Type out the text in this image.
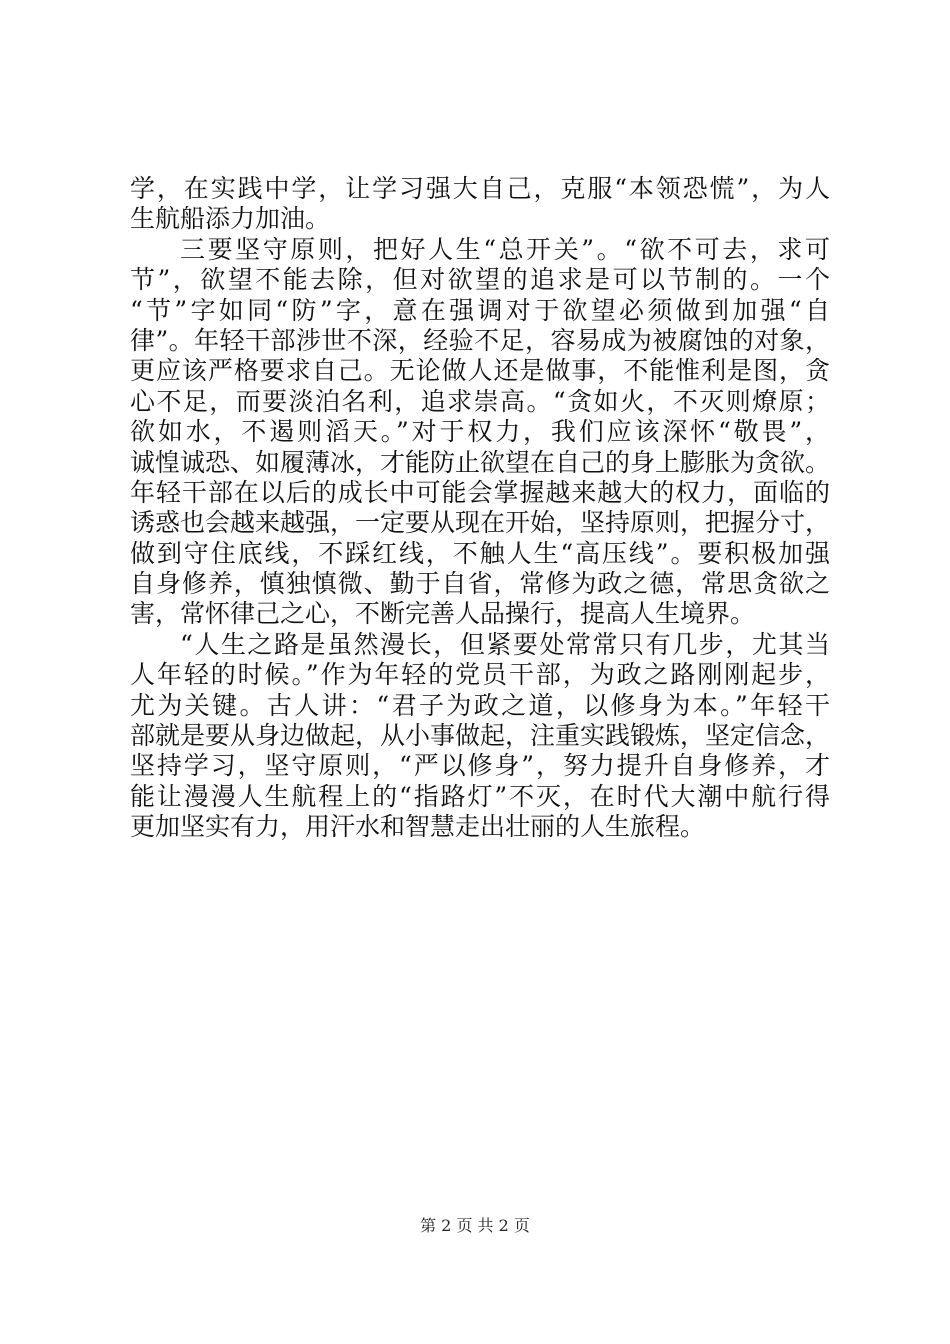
学，在实践中学，让学习强大自己，克服“本领恐慌”，为人
生航船添力加油。
三要坚守原则，把好人生“总开关”。“欲不可去，求可
节”，欲望不能去除，但对欲望的追求是可以节制的。一个
“节”字如同“防”字，意在强调对于欲望必须做到加强“自
律”。年轻干部涉世不深，经验不足，容易成为被腐蚀的对象，
更应该严格要求自己。无论做人还是做事，不能惟利是图，贪
心不足，而要淡泊名利，追求崇高。“贪如火，不灭则燎原；
欲如水，不遏则滔天。”对于权力，我们应该深怀“敬畏”，
诚惶诚恐、如履薄冰，才能防止欲望在自己的身上膨胀为贪欲。
年轻干部在以后的成长中可能会掌握越来越大的权力，面临的
诱惑也会越来越强，一定要从现在开始，坚持原则，把握分寸，
做到守住底线，不踩红线，不触人生“高压线”。要积极加强
自身修养，慎独慎微、勤于自省，常修为政之德，常思贪欲之
害，常怀律己之心，不断完善人品操行，提高人生境界。
“人生之路是虽然漫长，但紧要处常常只有几步，尤其当
人年轻的时候。”作为年轻的党员干部，为政之路刚刚起步，
尤为关键。古人讲：“君子为政之道，以修身为本。”年轻干
部就是要从身边做起，从小事做起，注重实践锻炼，坚定信念，
坚持学习，坚守原则，“严以修身”，努力提升自身修养，才
能让漫漫人生航程上的“指路灯”不灭，在时代大潮中航行得
更加坚实有力，用汗水和智慧走出壮丽的人生旅程。
第 2 页 共 2 页
